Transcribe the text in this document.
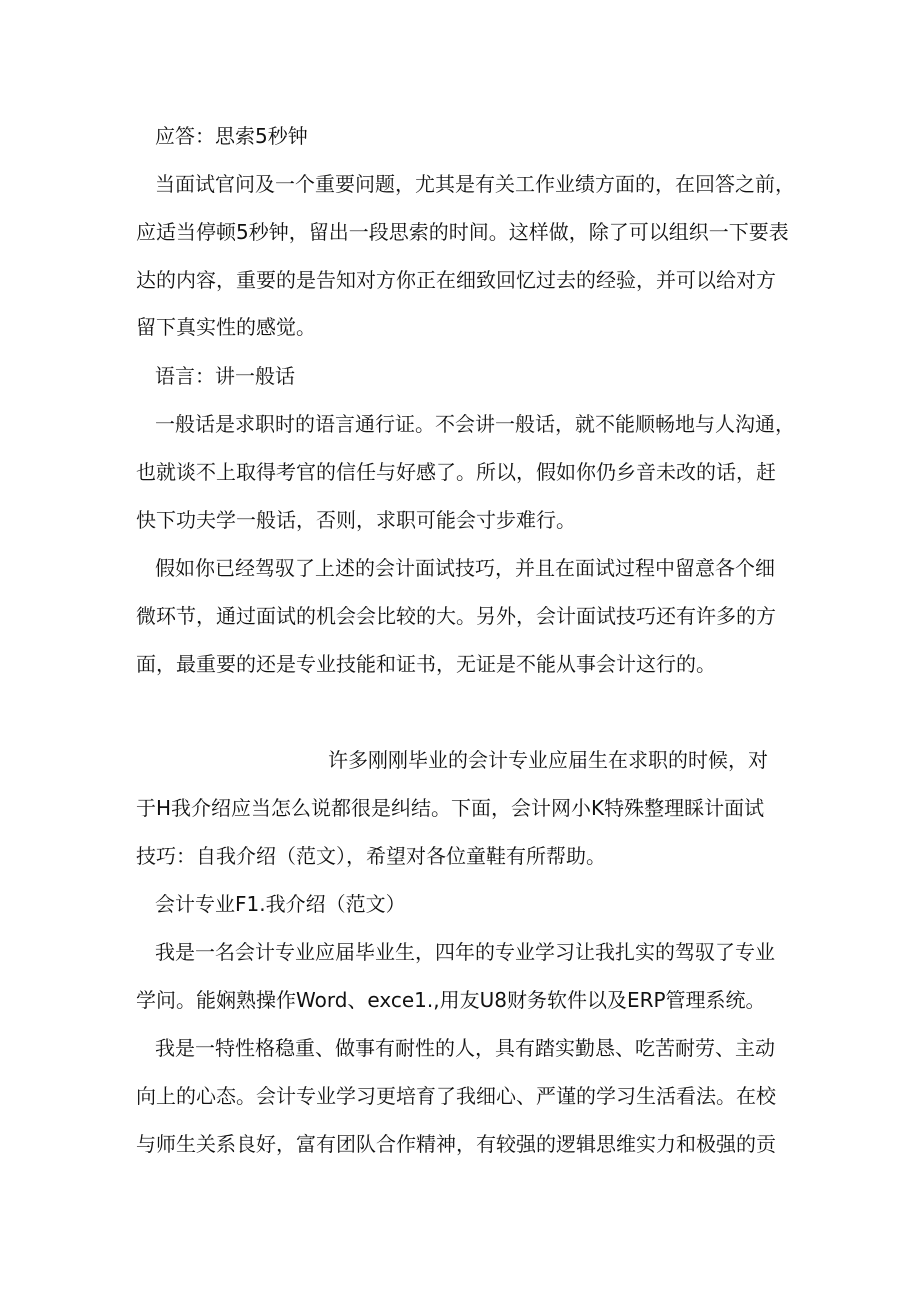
应答：思索5秒钟
当面试官问及一个重要问题，尤其是有关工作业绩方面的，在回答之前，
应适当停顿5秒钟，留出一段思索的时间。这样做，除了可以组织一下要表
达的内容，重要的是告知对方你正在细致回忆过去的经验，并可以给对方
留下真实性的感觉。
语言：讲一般话
一般话是求职时的语言通行证。不会讲一般话，就不能顺畅地与人沟通，
也就谈不上取得考官的信任与好感了。所以，假如你仍乡音未改的话，赶
快下功夫学一般话，否则，求职可能会寸步难行。
假如你已经驾驭了上述的会计面试技巧，并且在面试过程中留意各个细
微环节，通过面试的机会会比较的大。另外，会计面试技巧还有许多的方
面，最重要的还是专业技能和证书，无证是不能从事会计这行的。
许多刚刚毕业的会计专业应届生在求职的时候，对
于H我介绍应当怎么说都很是纠结。下面，会计网小K特殊整理睬计面试
技巧：自我介绍（范文），希望对各位童鞋有所帮助。
会计专业F1.我介绍（范文）
我是一名会计专业应届毕业生，四年的专业学习让我扎实的驾驭了专业
学问。能娴熟操作Word、exce1.,用友U8财务软件以及ERP管理系统。
我是一特性格稳重、做事有耐性的人，具有踏实勤恳、吃苦耐劳、主动
向上的心态。会计专业学习更培育了我细心、严谨的学习生活看法。在校
与师生关系良好，富有团队合作精神，有较强的逻辑思维实力和极强的贡
